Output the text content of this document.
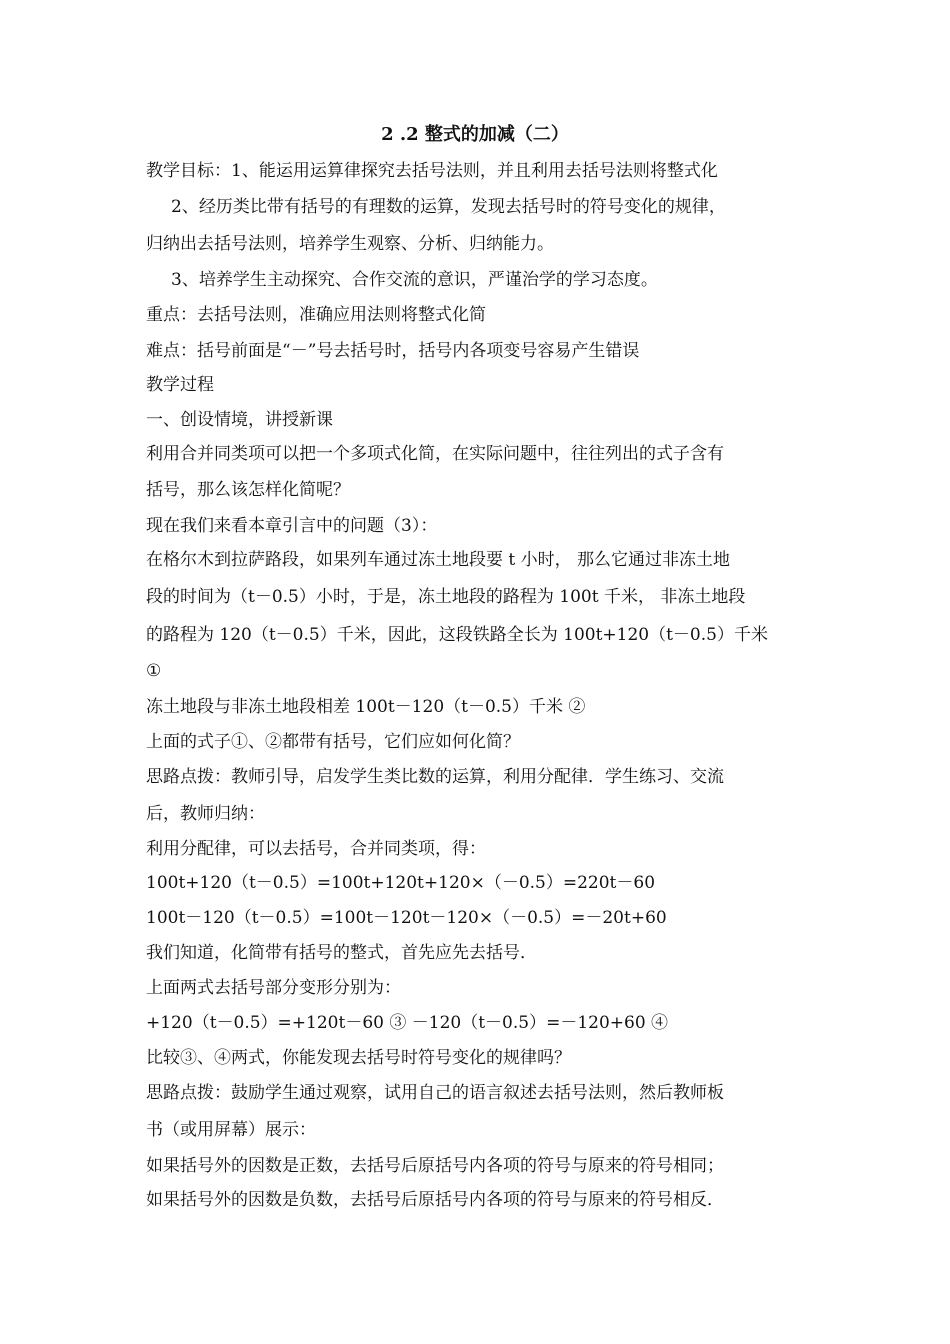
2 .2 整式的加减（二）
教学目标：1、能运用运算律探究去括号法则，并且利用去括号法则将整式化
2、经历类比带有括号的有理数的运算，发现去括号时的符号变化的规律，
归纳出去括号法则，培养学生观察、分析、归纳能力。
3、培养学生主动探究、合作交流的意识，严谨治学的学习态度。
重点：去括号法则，准确应用法则将整式化简
难点：括号前面是“－”号去括号时，括号内各项变号容易产生错误
教学过程
一、创设情境，讲授新课
利用合并同类项可以把一个多项式化简，在实际问题中，往往列出的式子含有
括号，那么该怎样化简呢？
现在我们来看本章引言中的问题（3）：
在格尔木到拉萨路段，如果列车通过冻土地段要 t 小时， 那么它通过非冻土地
段的时间为（t－0.5）小时，于是，冻土地段的路程为 100t 千米， 非冻土地段
的路程为 120（t－0.5）千米，因此，这段铁路全长为 100t+120（t－0.5）千米
①
冻土地段与非冻土地段相差 100t－120（t－0.5）千米 ②
上面的式子①、②都带有括号，它们应如何化简？
思路点拨：教师引导，启发学生类比数的运算，利用分配律．学生练习、交流
后，教师归纳：
利用分配律，可以去括号，合并同类项，得：
100t+120（t－0.5）=100t+120t+120×（－0.5）=220t－60
100t－120（t－0.5）=100t－120t－120×（－0.5）=－20t+60
我们知道，化简带有括号的整式，首先应先去括号．
上面两式去括号部分变形分别为：
+120（t－0.5）=+120t－60 ③ －120（t－0.5）=－120+60 ④
比较③、④两式，你能发现去括号时符号变化的规律吗？
思路点拨：鼓励学生通过观察，试用自己的语言叙述去括号法则，然后教师板
书（或用屏幕）展示：
如果括号外的因数是正数，去括号后原括号内各项的符号与原来的符号相同；
如果括号外的因数是负数，去括号后原括号内各项的符号与原来的符号相反．
